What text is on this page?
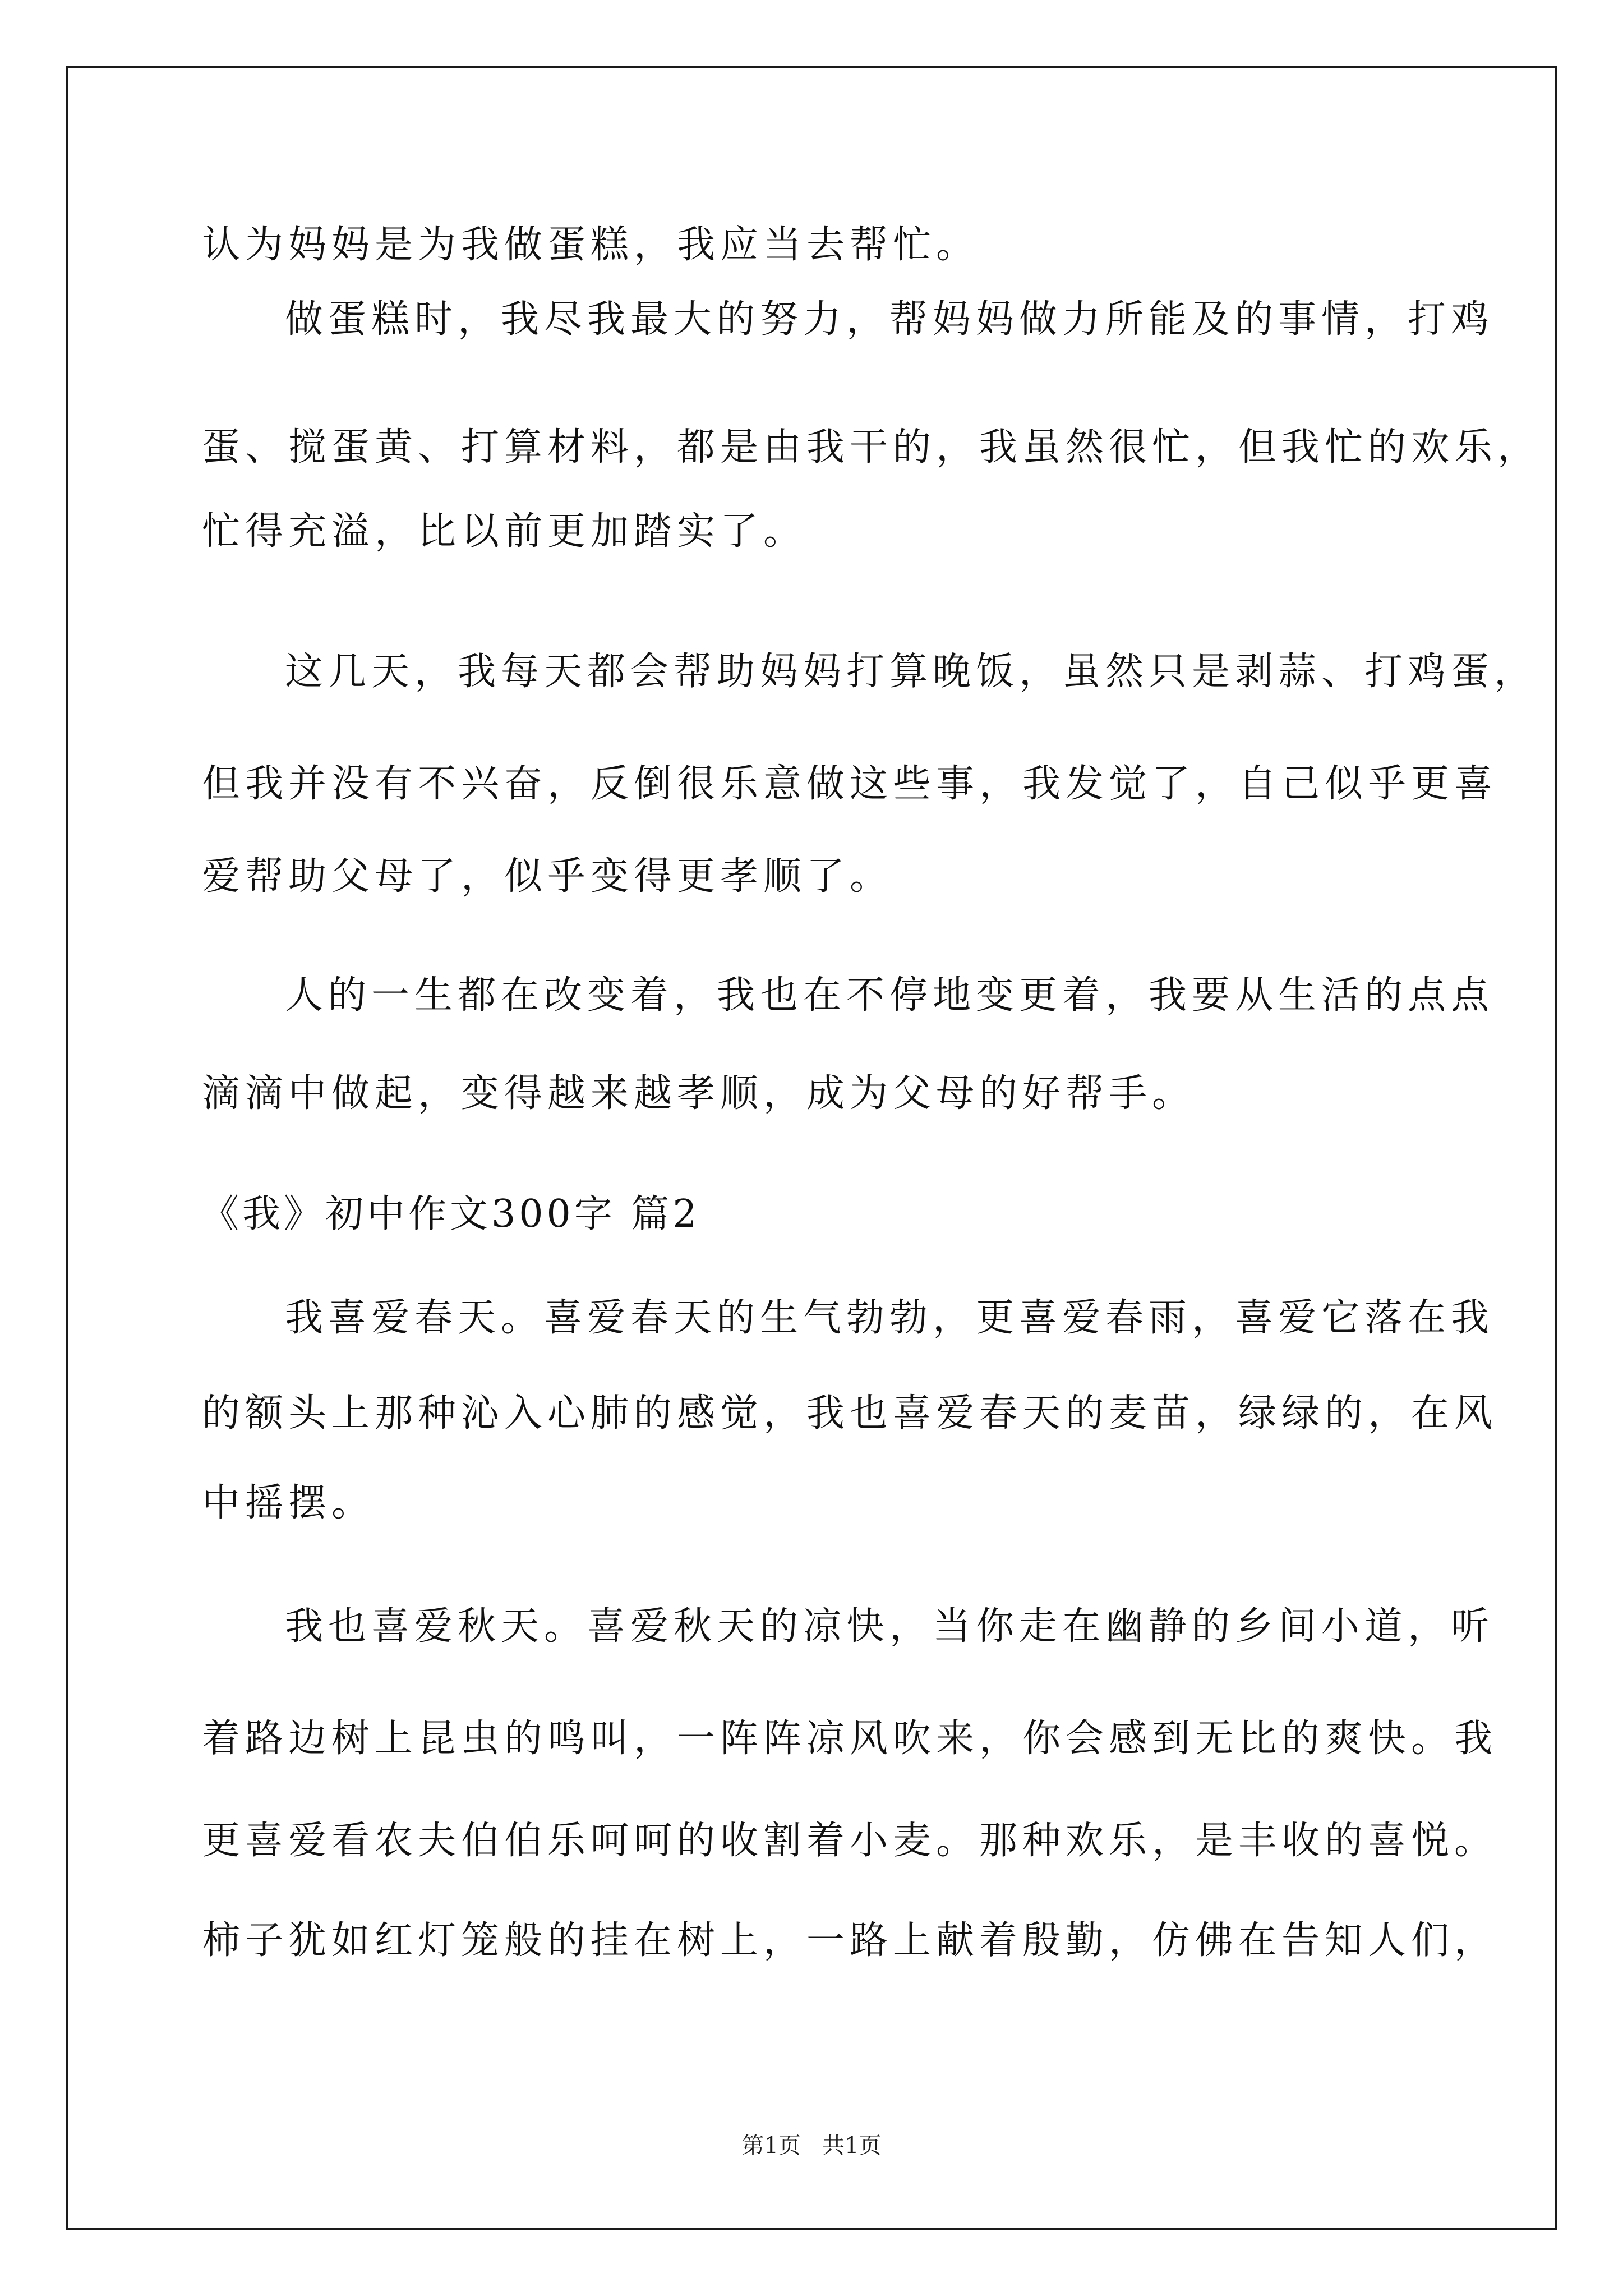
认为妈妈是为我做蛋糕，我应当去帮忙。

做蛋糕时，我尽我最大的努力，帮妈妈做力所能及的事情，打鸡

蛋、搅蛋黄、打算材料，都是由我干的，我虽然很忙，但我忙的欢乐，

忙得充溢，比以前更加踏实了。

这几天，我每天都会帮助妈妈打算晚饭，虽然只是剥蒜、打鸡蛋，

但我并没有不兴奋，反倒很乐意做这些事，我发觉了，自己似乎更喜

爱帮助父母了，似乎变得更孝顺了。

人的一生都在改变着，我也在不停地变更着，我要从生活的点点

滴滴中做起，变得越来越孝顺，成为父母的好帮手。

《我》初中作文300字 篇2

我喜爱春天。喜爱春天的生气勃勃，更喜爱春雨，喜爱它落在我

的额头上那种沁入心肺的感觉，我也喜爱春天的麦苗，绿绿的，在风

中摇摆。

我也喜爱秋天。喜爱秋天的凉快，当你走在幽静的乡间小道，听

着路边树上昆虫的鸣叫，一阵阵凉风吹来，你会感到无比的爽快。我

更喜爱看农夫伯伯乐呵呵的收割着小麦。那种欢乐，是丰收的喜悦。

柿子犹如红灯笼般的挂在树上，一路上献着殷勤，仿佛在告知人们，

第1页   共1页
